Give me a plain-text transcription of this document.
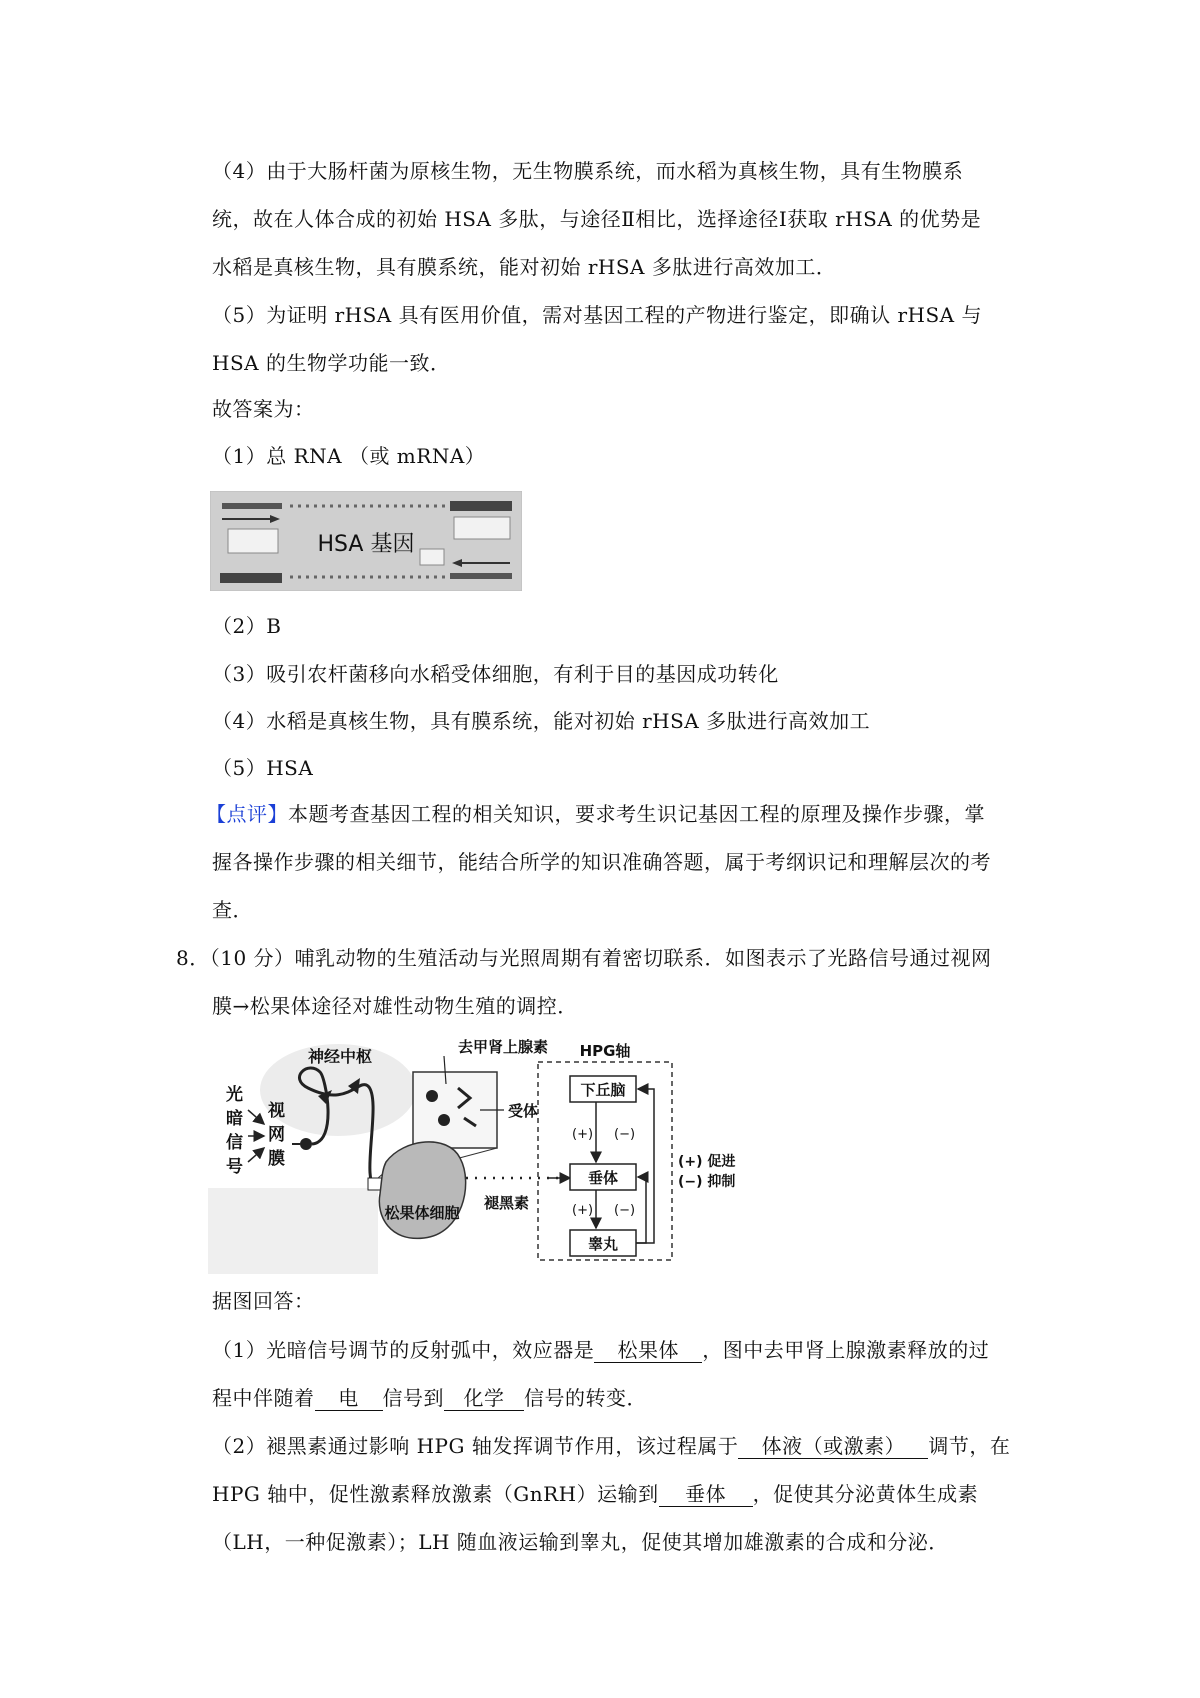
（4）由于大肠杆菌为原核生物，无生物膜系统，而水稻为真核生物，具有生物膜系
统，故在人体合成的初始 HSA 多肽，与途径Ⅱ相比，选择途径Ⅰ获取 rHSA 的优势是
水稻是真核生物，具有膜系统，能对初始 rHSA 多肽进行高效加工．
（5）为证明 rHSA 具有医用价值，需对基因工程的产物进行鉴定，即确认 rHSA 与
HSA 的生物学功能一致．
故答案为：
（1）总 RNA （或 mRNA）
HSA 基因
（2）B
（3）吸引农杆菌移向水稻受体细胞，有利于目的基因成功转化
（4）水稻是真核生物，具有膜系统，能对初始 rHSA 多肽进行高效加工
（5）HSA
【点评】本题考查基因工程的相关知识，要求考生识记基因工程的原理及操作步骤，掌
握各操作步骤的相关细节，能结合所学的知识准确答题，属于考纲识记和理解层次的考
查．
8．（10 分）哺乳动物的生殖活动与光照周期有着密切联系．如图表示了光路信号通过视网
膜→松果体途径对雄性动物生殖的调控．
光
暗
信
号
视
网
膜
神经中枢	去甲肾上腺素
受体
松果体细胞
褪黑素
HPG轴
下丘脑
垂体
睾丸
(+)
(+)
(−)
(−)
(+) 促进
(−) 抑制
据图回答：
（1）光暗信号调节的反射弧中，效应器是 松果体 ，图中去甲肾上腺激素释放的过
程中伴随着 电 信号到 化学 信号的转变．
（2）褪黑素通过影响 HPG 轴发挥调节作用，该过程属于 体液（或激素） 调节，在
HPG 轴中，促性激素释放激素（GnRH）运输到 垂体 ，促使其分泌黄体生成素
（LH，一种促激素）；LH 随血液运输到睾丸，促使其增加雄激素的合成和分泌．
